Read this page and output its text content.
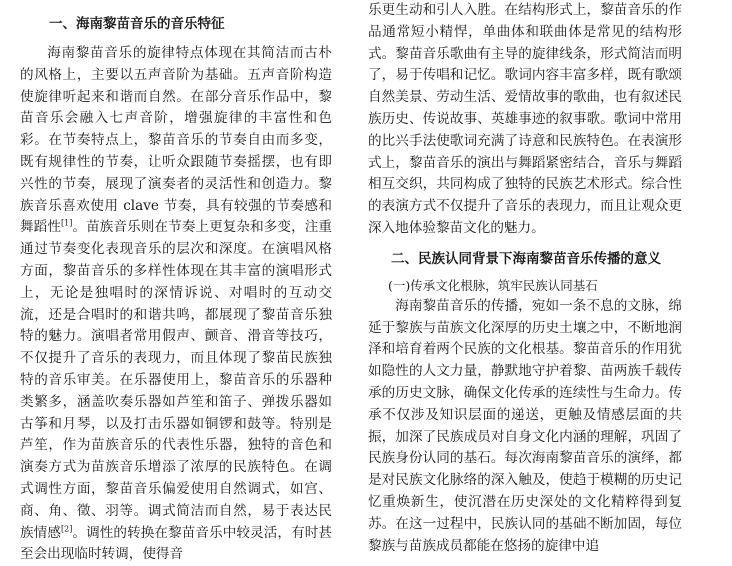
一、海南黎苗音乐的音乐特征

海南黎苗音乐的旋律特点体现在其简洁而古朴的风格上，主要以五声音阶为基础。五声音阶构造使旋律听起来和谐而自然。在部分音乐作品中，黎苗音乐会融入七声音阶，增强旋律的丰富性和色彩。在节奏特点上，黎苗音乐的节奏自由而多变，既有规律性的节奏，让听众跟随节奏摇摆，也有即兴性的节奏，展现了演奏者的灵活性和创造力。黎族音乐喜欢使用 clave 节奏，具有较强的节奏感和舞蹈性[1]。苗族音乐则在节奏上更复杂和多变，注重通过节奏变化表现音乐的层次和深度。在演唱风格方面，黎苗音乐的多样性体现在其丰富的演唱形式上，无论是独唱时的深情诉说、对唱时的互动交流，还是合唱时的和谐共鸣，都展现了黎苗音乐独特的魅力。演唱者常用假声、颤音、滑音等技巧，不仅提升了音乐的表现力，而且体现了黎苗民族独特的音乐审美。在乐器使用上，黎苗音乐的乐器种类繁多，涵盖吹奏乐器如芦笙和笛子、弹拨乐器如古筝和月琴，以及打击乐器如铜锣和鼓等。特别是芦笙，作为苗族音乐的代表性乐器，独特的音色和演奏方式为苗族音乐增添了浓厚的民族特色。在调式调性方面，黎苗音乐偏爱使用自然调式，如宫、商、角、徵、羽等。调式简洁而自然，易于表达民族情感[2]。调性的转换在黎苗音乐中较灵活，有时甚至会出现临时转调，使得音

乐更生动和引人入胜。在结构形式上，黎苗音乐的作品通常短小精悍，单曲体和联曲体是常见的结构形式。黎苗音乐歌曲有主导的旋律线条，形式简洁而明了，易于传唱和记忆。歌词内容丰富多样，既有歌颂自然美景、劳动生活、爱情故事的歌曲，也有叙述民族历史、传说故事、英雄事迹的叙事歌。歌词中常用的比兴手法使歌词充满了诗意和民族特色。在表演形式上，黎苗音乐的演出与舞蹈紧密结合，音乐与舞蹈相互交织，共同构成了独特的民族艺术形式。综合性的表演方式不仅提升了音乐的表现力，而且让观众更深入地体验黎苗文化的魅力。

二、民族认同背景下海南黎苗音乐传播的意义
(一)传承文化根脉，筑牢民族认同基石

海南黎苗音乐的传播，宛如一条不息的文脉，绵延于黎族与苗族文化深厚的历史土壤之中，不断地润泽和培育着两个民族的文化根基。黎苗音乐的作用犹如隐性的人文力量，静默地守护着黎、苗两族千载传承的历史文脉，确保文化传承的连续性与生命力。传承不仅涉及知识层面的递送，更触及情感层面的共振，加深了民族成员对自身文化内涵的理解，巩固了民族身份认同的基石。每次海南黎苗音乐的演绎，都是对民族文化脉络的深入触及，使趋于模糊的历史记忆重焕新生，使沉潜在历史深处的文化精粹得到复苏。在这一过程中，民族认同的基础不断加固，每位黎族与苗族成员都能在悠扬的旋律中追
